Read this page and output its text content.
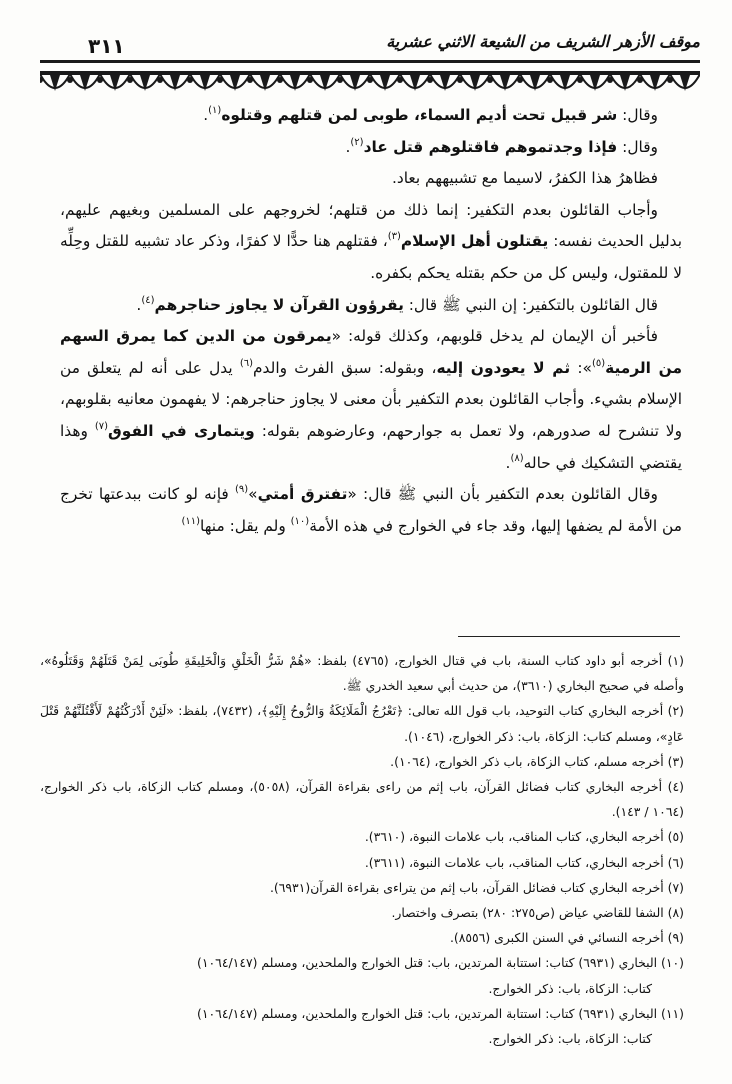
٣١١	موقف الأزهر الشريف من الشيعة الاثني عشرية

وقال: شر قبيل تحت أديم السماء، طوبى لمن قتلهم وقتلوه$^{(١)}$.

وقال: فإذا وجدتموهم فاقتلوهم قتل عاد$^{(٢)}$.

فظاهرُ هذا الكفرُ، لاسيما مع تشبيههم بعاد.

وأجاب القائلون بعدم التكفير: إنما ذلك من قتلهم؛ لخروجهم على المسلمين وبغيهم عليهم، بدليل الحديث نفسه: يقتلون أهل الإسلام$^{(٣)}$، فقتلهم هنا حدًّا لا كفرًا، وذكر عاد تشبيه للقتل وحِلِّه لا للمقتول، وليس كل من حكم بقتله يحكم بكفره.

قال القائلون بالتكفير: إن النبي ﷺ قال: يقرؤون القرآن لا يجاوز حناجرهم$^{(٤)}$.

فأخبر أن الإيمان لم يدخل قلوبهم، وكذلك قوله: «يمرقون من الدين كما يمرق السهم من الرمية$^{(٥)}$»: ثم لا يعودون إليه، وبقوله: سبق الفرث والدم$^{(٦)}$ يدل على أنه لم يتعلق من الإسلام بشيء. وأجاب القائلون بعدم التكفير بأن معنى لا يجاوز حناجرهم: لا يفهمون معانيه بقلوبهم، ولا تنشرح له صدورهم، ولا تعمل به جوارحهم، وعارضوهم بقوله: ويتمارى في الفوق$^{(٧)}$ وهذا يقتضي التشكيك في حاله$^{(٨)}$.

وقال القائلون بعدم التكفير بأن النبي ﷺ قال: «تفترق أمتي»$^{(٩)}$ فإنه لو كانت ببدعتها تخرج من الأمة لم يضفها إليها، وقد جاء في الخوارج في هذه الأمة$^{(١٠)}$ ولم يقل: منها$^{(١١)}$

(١) أخرجه أبو داود كتاب السنة، باب في قتال الخوارج، (٤٧٦٥) بلفظ: «هُمْ شَرُّ الْخَلْقِ وَالْخَلِيقَةِ طُوبَى لِمَنْ قَتَلَهُمْ وَقَتَلُوهُ»، وأصله في صحيح البخاري (٣٦١٠)، من حديث أبي سعيد الخدري ﷺ.

(٢) أخرجه البخاري كتاب التوحيد، باب قول الله تعالى: ﴿تَعْرُجُ الْمَلَائِكَةُ وَالرُّوحُ إِلَيْهِ﴾، (٧٤٣٢)، بلفظ: «لَئِنْ أَدْرَكْتُهُمْ لَأَقْتُلَنَّهُمْ قَتْلَ عَادٍ»، ومسلم كتاب: الزكاة، باب: ذكر الخوارج، (١٠٤٦).

(٣) أخرجه مسلم، كتاب الزكاة، باب ذكر الخوارج، (١٠٦٤).

(٤) أخرجه البخاري كتاب فضائل القرآن، باب إثم من راءى بقراءة القرآن، (٥٠٥٨)، ومسلم كتاب الزكاة، باب ذكر الخوارج، (١٠٦٤ / ١٤٣).

(٥) أخرجه البخاري، كتاب المناقب، باب علامات النبوة، (٣٦١٠).

(٦) أخرجه البخاري، كتاب المناقب، باب علامات النبوة، (٣٦١١).

(٧) أخرجه البخاري كتاب فضائل القرآن، باب إثم من يتراءى بقراءة القرآن(٦٩٣١).

(٨) الشفا للقاضي عياض (ص٢٧٥: ٢٨٠) بتصرف واختصار.

(٩) أخرجه النسائي في السنن الكبرى (٨٥٥٦).

(١٠) البخاري (٦٩٣١) كتاب: استتابة المرتدين، باب: قتل الخوارج والملحدين، ومسلم (١٠٦٤/١٤٧)

كتاب: الزكاة، باب: ذكر الخوارج.

(١١) البخاري (٦٩٣١) كتاب: استتابة المرتدين، باب: قتل الخوارج والملحدين، ومسلم (١٠٦٤/١٤٧)

كتاب: الزكاة، باب: ذكر الخوارج.
